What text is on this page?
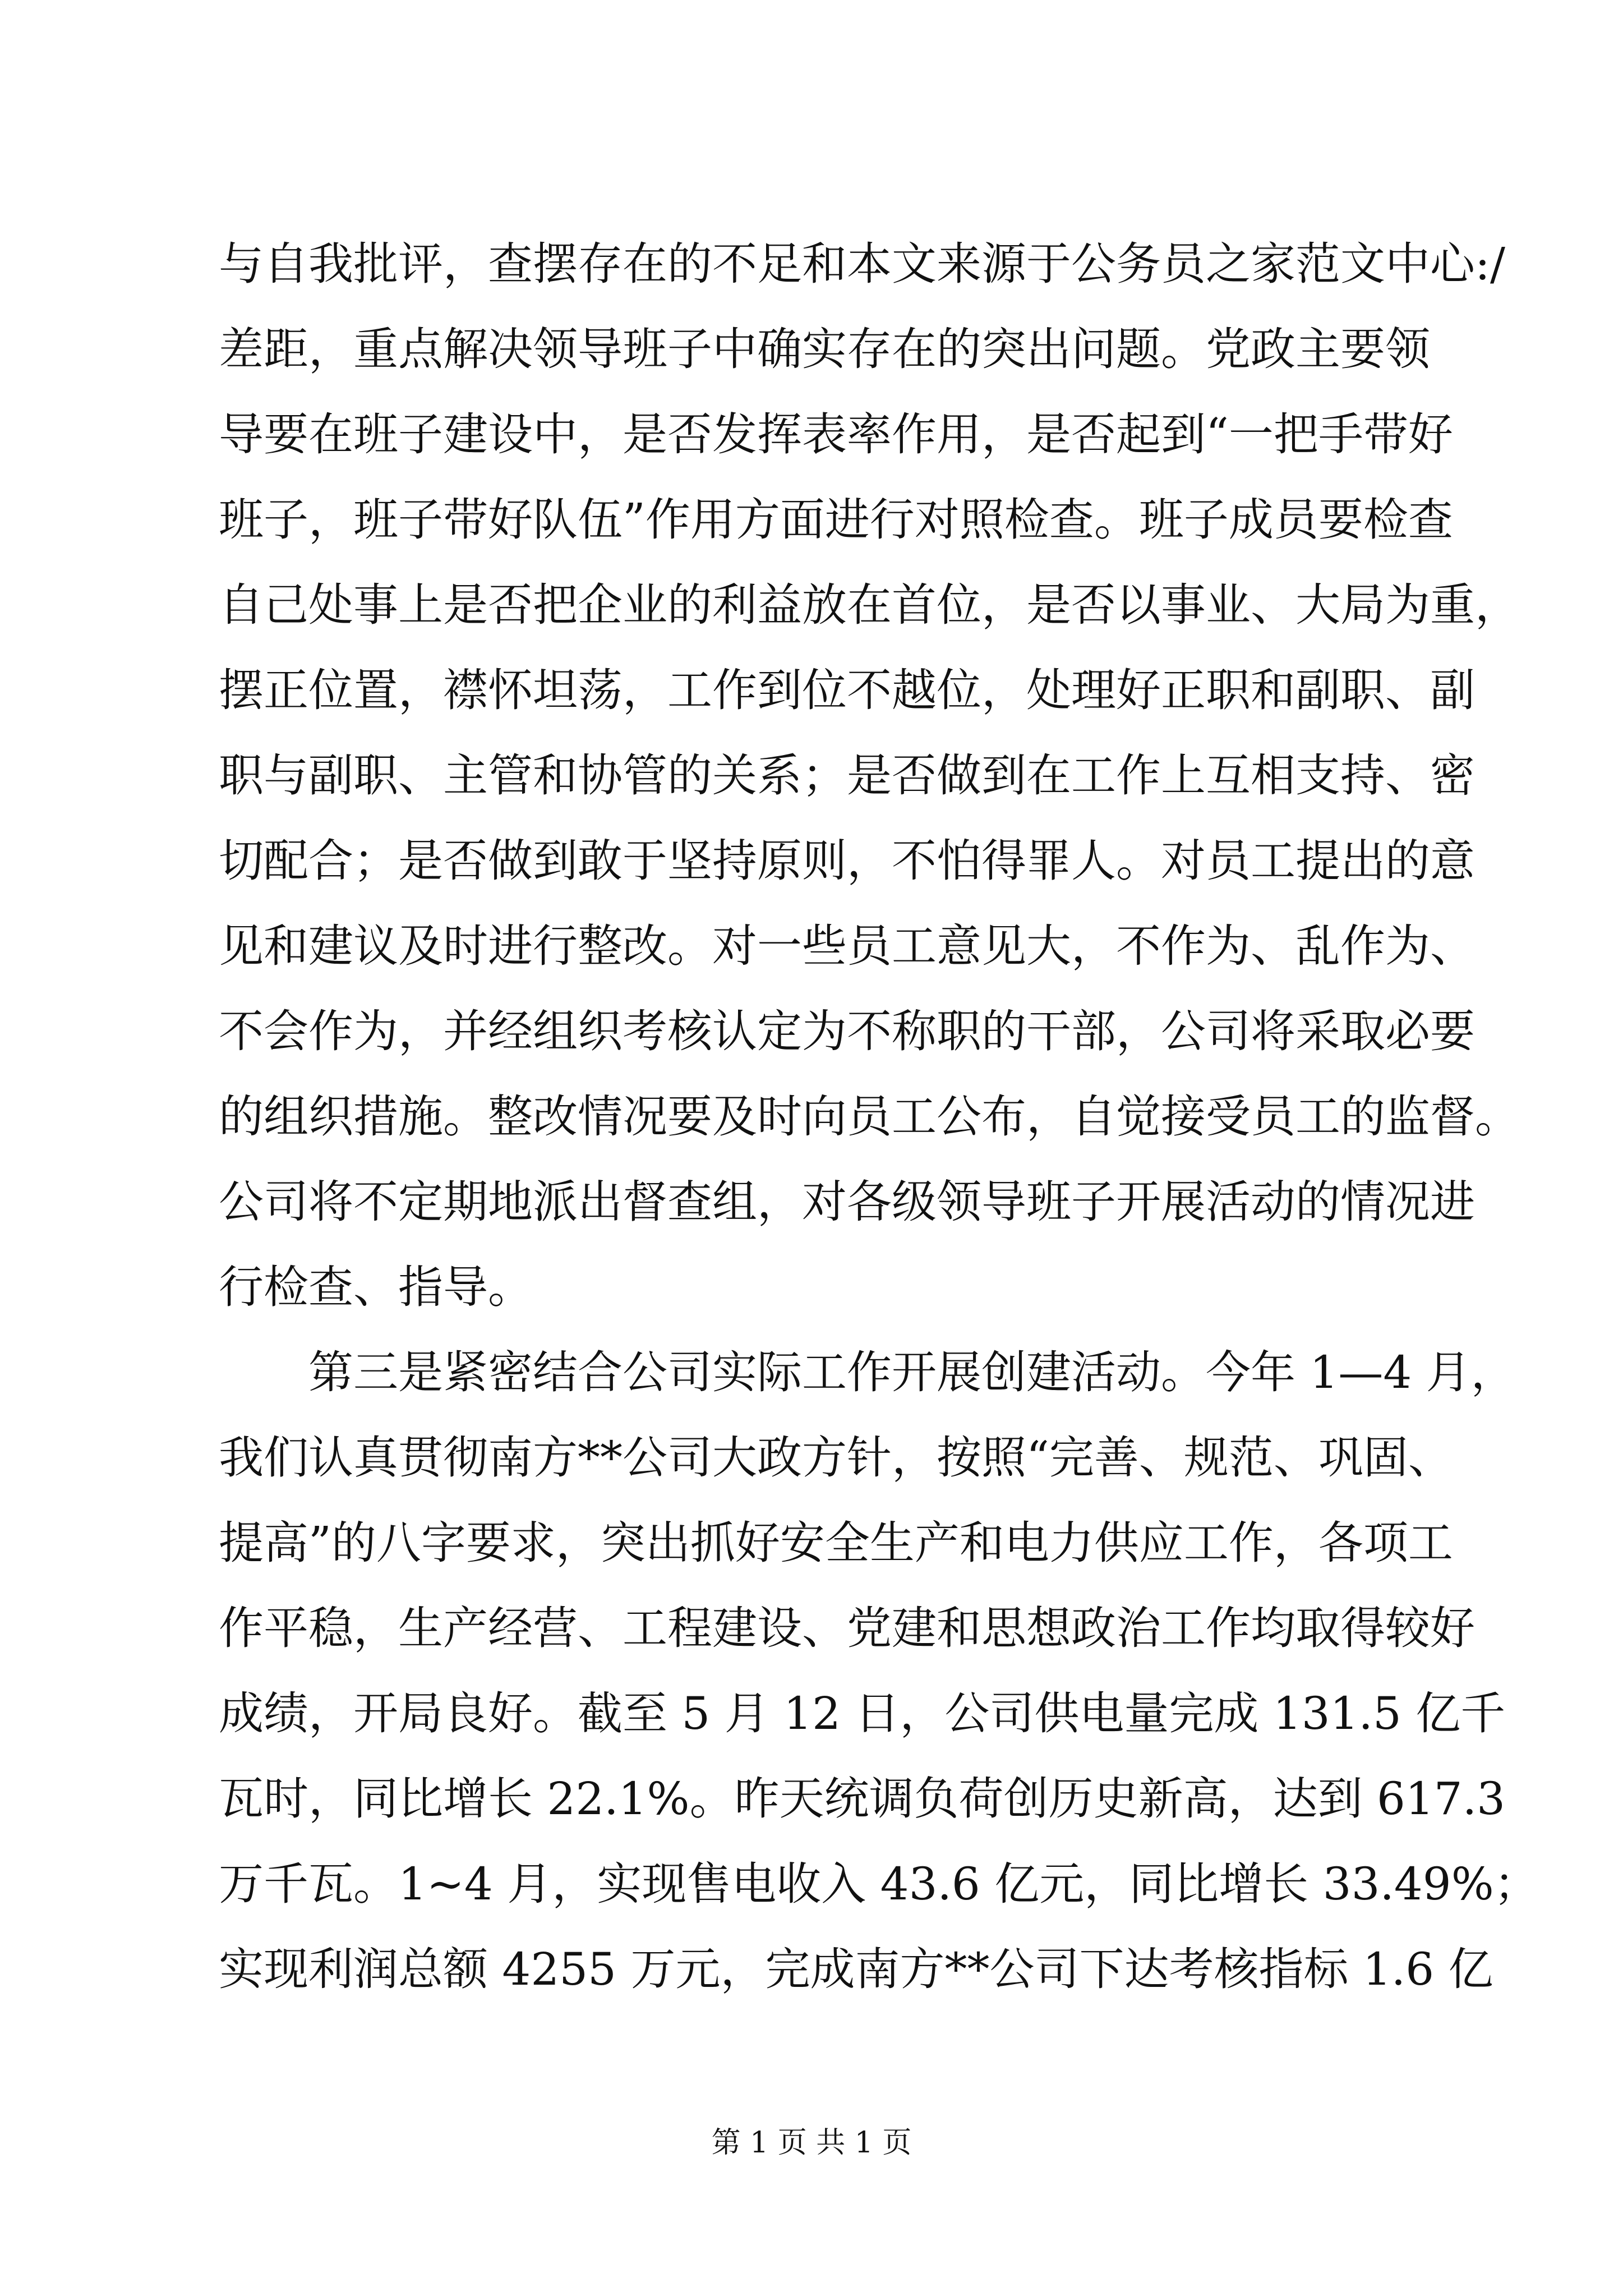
与自我批评，查摆存在的不足和本文来源于公务员之家范文中心:/
差距，重点解决领导班子中确实存在的突出问题。党政主要领
导要在班子建设中，是否发挥表率作用，是否起到“一把手带好
班子，班子带好队伍”作用方面进行对照检查。班子成员要检查
自己处事上是否把企业的利益放在首位，是否以事业、大局为重，
摆正位置，襟怀坦荡，工作到位不越位，处理好正职和副职、副
职与副职、主管和协管的关系；是否做到在工作上互相支持、密
切配合；是否做到敢于坚持原则，不怕得罪人。对员工提出的意
见和建议及时进行整改。对一些员工意见大，不作为、乱作为、
不会作为，并经组织考核认定为不称职的干部，公司将采取必要
的组织措施。整改情况要及时向员工公布，自觉接受员工的监督。
公司将不定期地派出督查组，对各级领导班子开展活动的情况进
行检查、指导。
　　第三是紧密结合公司实际工作开展创建活动。今年 1—4 月，
我们认真贯彻南方**公司大政方针，按照“完善、规范、巩固、
提高”的八字要求，突出抓好安全生产和电力供应工作，各项工
作平稳，生产经营、工程建设、党建和思想政治工作均取得较好
成绩，开局良好。截至 5 月 12 日，公司供电量完成 131.5 亿千
瓦时，同比增长 22.1%。昨天统调负荷创历史新高，达到 617.3
万千瓦。1~4 月，实现售电收入 43.6 亿元，同比增长 33.49%；
实现利润总额 4255 万元，完成南方**公司下达考核指标 1.6 亿
第 1 页 共 1 页
